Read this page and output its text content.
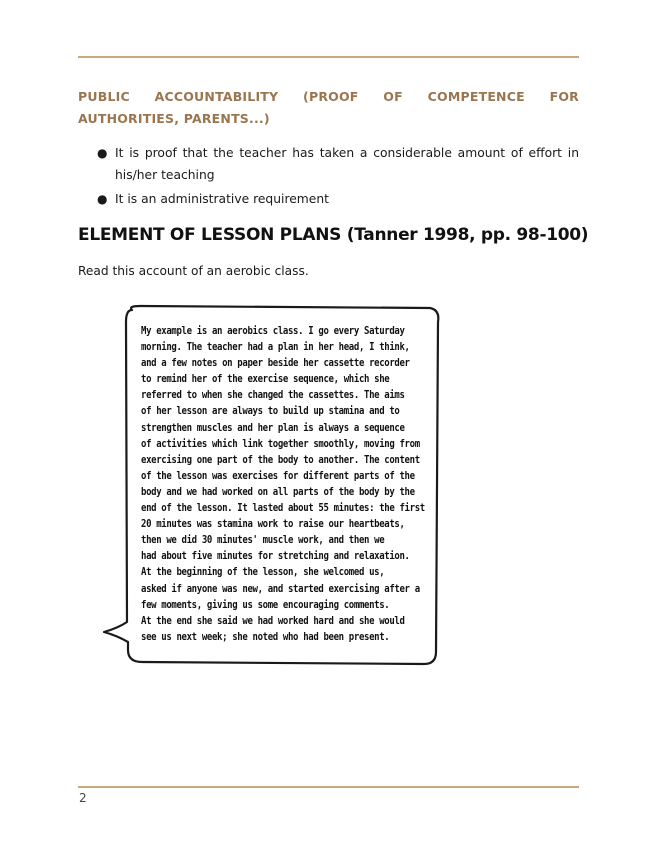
PUBLIC ACCOUNTABILITY (PROOF OF COMPETENCE FOR AUTHORITIES, PARENTS...)

● It is proof that the teacher has taken a considerable amount of effort in his/her teaching
● It is an administrative requirement
ELEMENT OF LESSON PLANS (Tanner 1998, pp. 98-100)

Read this account of an aerobic class.

My example is an aerobics class. I go every Saturday
morning. The teacher had a plan in her head, I think,
and a few notes on paper beside her cassette recorder
to remind her of the exercise sequence, which she
referred to when she changed the cassettes. The aims
of her lesson are always to build up stamina and to
strengthen muscles and her plan is always a sequence
of activities which link together smoothly, moving from
exercising one part of the body to another. The content
of the lesson was exercises for different parts of the
body and we had worked on all parts of the body by the
end of the lesson. It lasted about 55 minutes: the first
20 minutes was stamina work to raise our heartbeats,
then we did 30 minutes' muscle work, and then we
had about five minutes for stretching and relaxation.
At the beginning of the lesson, she welcomed us,
asked if anyone was new, and started exercising after a
few moments, giving us some encouraging comments.
At the end she said we had worked hard and she would
see us next week; she noted who had been present.
2
